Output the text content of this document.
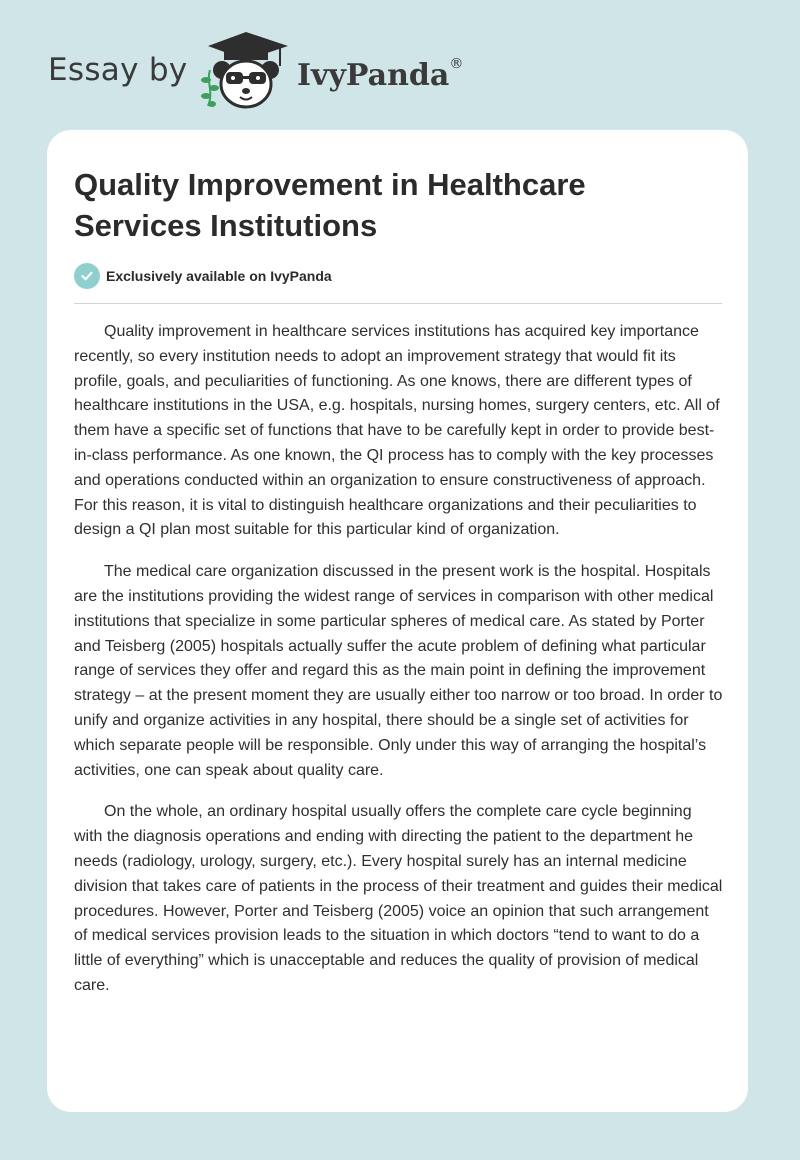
Essay by	IvyPanda®
Quality Improvement in Healthcare Services Institutions
Exclusively available on IvyPanda

Quality improvement in healthcare services institutions has acquired key importance recently, so every institution needs to adopt an improvement strategy that would fit its profile, goals, and peculiarities of functioning. As one knows, there are different types of healthcare institutions in the USA, e.g. hospitals, nursing homes, surgery centers, etc. All of them have a specific set of functions that have to be carefully kept in order to provide best-in-class performance. As one known, the QI process has to comply with the key processes and operations conducted within an organization to ensure constructiveness of approach. For this reason, it is vital to distinguish healthcare organizations and their peculiarities to design a QI plan most suitable for this particular kind of organization.

The medical care organization discussed in the present work is the hospital. Hospitals are the institutions providing the widest range of services in comparison with other medical institutions that specialize in some particular spheres of medical care. As stated by Porter and Teisberg (2005) hospitals actually suffer the acute problem of defining what particular range of services they offer and regard this as the main point in defining the improvement strategy – at the present moment they are usually either too narrow or too broad. In order to unify and organize activities in any hospital, there should be a single set of activities for which separate people will be responsible. Only under this way of arranging the hospital’s activities, one can speak about quality care.

On the whole, an ordinary hospital usually offers the complete care cycle beginning with the diagnosis operations and ending with directing the patient to the department he needs (radiology, urology, surgery, etc.). Every hospital surely has an internal medicine division that takes care of patients in the process of their treatment and guides their medical procedures. However, Porter and Teisberg (2005) voice an opinion that such arrangement of medical services provision leads to the situation in which doctors “tend to want to do a little of everything” which is unacceptable and reduces the quality of provision of medical care.
